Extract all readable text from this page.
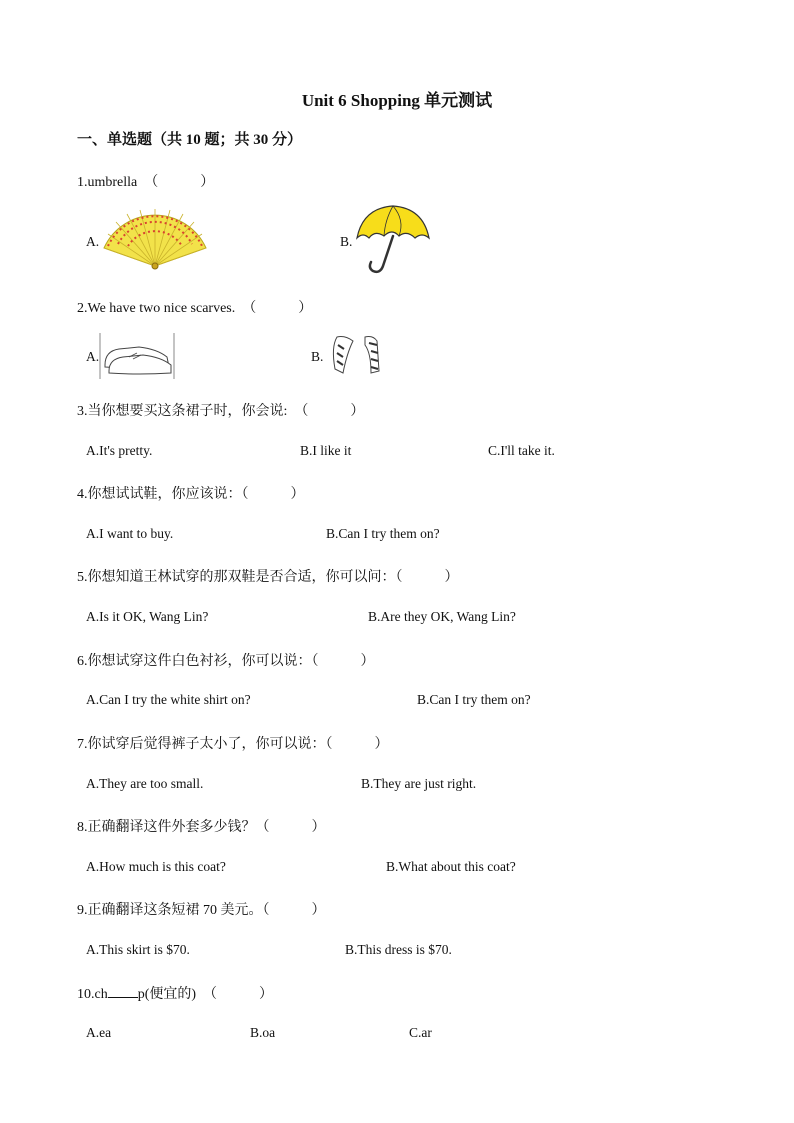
Unit 6 Shopping 单元测试
一、单选题（共 10 题；共 30 分）
1.umbrella　（　　　）
A.	B.
2.We have two nice scarves.　（　　　）
A.	B.
3.当你想要买这条裙子时，你会说:　（　　　）
A.It's pretty.	B.I like it	C.I'll take it.
4.你想试试鞋，你应该说：（　　　）
A.I want to buy.	B.Can I try them on?
5.你想知道王林试穿的那双鞋是否合适，你可以问：（　　　）
A.Is it OK, Wang Lin?	B.Are they OK, Wang Lin?
6.你想试穿这件白色衬衫，你可以说：（　　　）
A.Can I try the white shirt on?	B.Can I try them on?
7.你试穿后觉得裤子太小了，你可以说：（　　　）
A.They are too small.	B.They are just right.
8.正确翻译这件外套多少钱？（　　　）
A.How much is this coat?	B.What about this coat?
9.正确翻译这条短裙 70 美元。（　　　）
A.This skirt is $70.	B.This dress is $70.
10.ch p(便宜的)　（　　　）
A.ea	B.oa	C.ar
